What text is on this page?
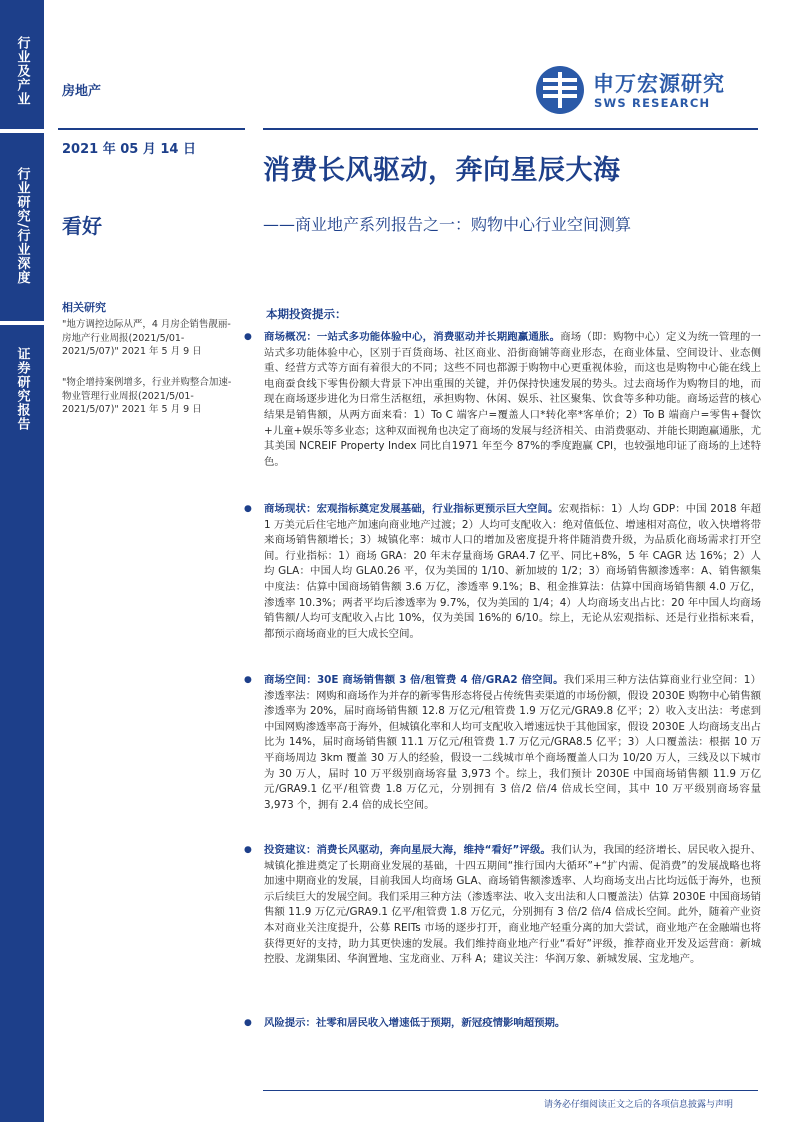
行业及产业
行业研究/行业深度
证券研究报告
房地产	申万宏源研究
SWS RESEARCH
2021 年 05 月 14 日
看好
消费长风驱动，奔向星辰大海
——商业地产系列报告之一：购物中心行业空间测算
相关研究
"地方调控边际从严，4 月房企销售靓丽-房地产行业周报(2021/5/01-2021/5/07)" 2021 年 5 月 9 日
"物企增持案例增多，行业并购整合加速-物业管理行业周报(2021/5/01-2021/5/07)" 2021 年 5 月 9 日
本期投资提示：
● 商场概况：一站式多功能体验中心，消费驱动并长期跑赢通胀。商场（即：购物中心）定义为统一管理的一站式多功能体验中心，区别于百货商场、社区商业、沿街商铺等商业形态，在商业体量、空间设计、业态侧重、经营方式等方面有着很大的不同；这些不同也都源于购物中心更重视体验，而这也是购物中心能在线上电商蚕食线下零售份额大背景下冲出重围的关键，并仍保持快速发展的势头。过去商场作为购物目的地，而现在商场逐步进化为日常生活枢纽，承担购物、休闲、娱乐、社区聚集、饮食等多种功能。商场运营的核心结果是销售额，从两方面来看：1）To C 端客户=覆盖人口*转化率*客单价；2）To B 端商户=零售+餐饮+儿童+娱乐等多业态；这种双面视角也决定了商场的发展与经济相关、由消费驱动、并能长期跑赢通胀，尤其美国 NCREIF Property Index 同比自1971 年至今 87%的季度跑赢 CPI，也较强地印证了商场的上述特色。
● 商场现状：宏观指标奠定发展基础，行业指标更预示巨大空间。宏观指标：1）人均 GDP：中国 2018 年超 1 万美元后住宅地产加速向商业地产过渡；2）人均可支配收入：绝对值低位、增速相对高位，收入快增将带来商场销售额增长；3）城镇化率：城市人口的增加及密度提升将伴随消费升级，为品质化商场需求打开空间。行业指标：1）商场 GRA：20 年末存量商场 GRA4.7 亿平、同比+8%，5 年 CAGR 达 16%；2）人均 GLA：中国人均 GLA0.26 平，仅为美国的 1/10、新加坡的 1/2；3）商场销售额渗透率：A、销售额集中度法：估算中国商场销售额 3.6 万亿，渗透率 9.1%；B、租金推算法：估算中国商场销售额 4.0 万亿，渗透率 10.3%；两者平均后渗透率为 9.7%，仅为美国的 1/4；4）人均商场支出占比：20 年中国人均商场销售额/人均可支配收入占比 10%，仅为美国 16%的 6/10。综上，无论从宏观指标、还是行业指标来看，都预示商场商业的巨大成长空间。
● 商场空间：30E 商场销售额 3 倍/租管费 4 倍/GRA2 倍空间。我们采用三种方法估算商业行业空间：1）渗透率法：网购和商场作为并存的新零售形态将侵占传统售卖渠道的市场份额，假设 2030E 购物中心销售额渗透率为 20%，届时商场销售额 12.8 万亿元/租管费 1.9 万亿元/GRA9.8 亿平；2）收入支出法：考虑到中国网购渗透率高于海外，但城镇化率和人均可支配收入增速远快于其他国家，假设 2030E 人均商场支出占比为 14%，届时商场销售额 11.1 万亿元/租管费 1.7 万亿元/GRA8.5 亿平；3）人口覆盖法：根据 10 万平商场周边 3km 覆盖 30 万人的经验，假设一二线城市单个商场覆盖人口为 10/20 万人，三线及以下城市为 30 万人，届时 10 万平级别商场容量 3,973 个。综上，我们预计 2030E 中国商场销售额 11.9 万亿元/GRA9.1 亿平/租管费 1.8 万亿元，分别拥有 3 倍/2 倍/4 倍成长空间，其中 10 万平级别商场容量 3,973 个，拥有 2.4 倍的成长空间。
● 投资建议：消费长风驱动，奔向星辰大海，维持“看好”评级。我们认为，我国的经济增长、居民收入提升、城镇化推进奠定了长期商业发展的基础，十四五期间“推行国内大循环”+“扩内需、促消费”的发展战略也将加速中期商业的发展，目前我国人均商场 GLA、商场销售额渗透率、人均商场支出占比均远低于海外，也预示后续巨大的发展空间。我们采用三种方法（渗透率法、收入支出法和人口覆盖法）估算 2030E 中国商场销售额 11.9 万亿元/GRA9.1 亿平/租管费 1.8 万亿元，分别拥有 3 倍/2 倍/4 倍成长空间。此外，随着产业资本对商业关注度提升，公募 REITs 市场的逐步打开，商业地产轻重分离的加大尝试，商业地产在金融端也将获得更好的支持，助力其更快速的发展。我们维持商业地产行业“看好”评级，推荐商业开发及运营商：新城控股、龙湖集团、华润置地、宝龙商业、万科 A；建议关注：华润万象、新城发展、宝龙地产。
● 风险提示：社零和居民收入增速低于预期，新冠疫情影响超预期。
请务必仔细阅读正文之后的各项信息披露与声明
